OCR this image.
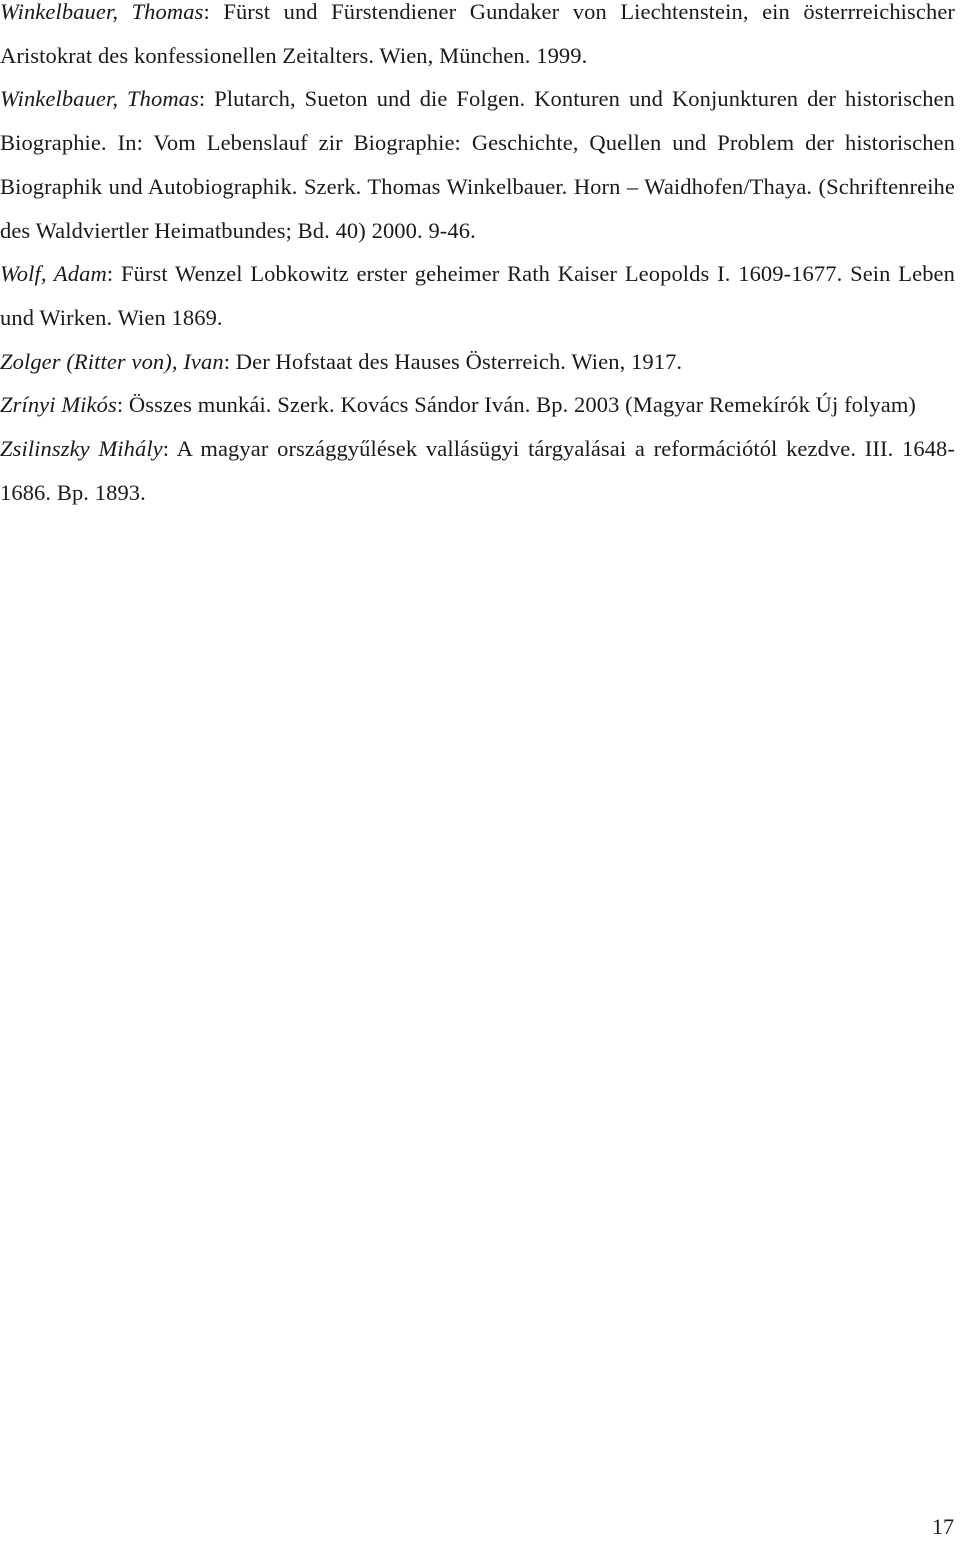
Winkelbauer, Thomas: Fürst und Fürstendiener Gundaker von Liechtenstein, ein österrreichischer Aristokrat des konfessionellen Zeitalters. Wien, München. 1999.

Winkelbauer, Thomas: Plutarch, Sueton und die Folgen. Konturen und Konjunkturen der historischen Biographie. In: Vom Lebenslauf zir Biographie: Geschichte, Quellen und Problem der historischen Biographik und Autobiographik. Szerk. Thomas Winkelbauer. Horn – Waidhofen/Thaya. (Schriftenreihe des Waldviertler Heimatbundes; Bd. 40) 2000. 9-46.

Wolf, Adam: Fürst Wenzel Lobkowitz erster geheimer Rath Kaiser Leopolds I. 1609-1677. Sein Leben und Wirken. Wien 1869.

Zolger (Ritter von), Ivan: Der Hofstaat des Hauses Österreich. Wien, 1917.

Zrínyi Mikós: Összes munkái. Szerk. Kovács Sándor Iván. Bp. 2003 (Magyar Remekírók Új folyam)

Zsilinszky Mihály: A magyar országgyűlések vallásügyi tárgyalásai a reformációtól kezdve. III. 1648-1686. Bp. 1893.

17
